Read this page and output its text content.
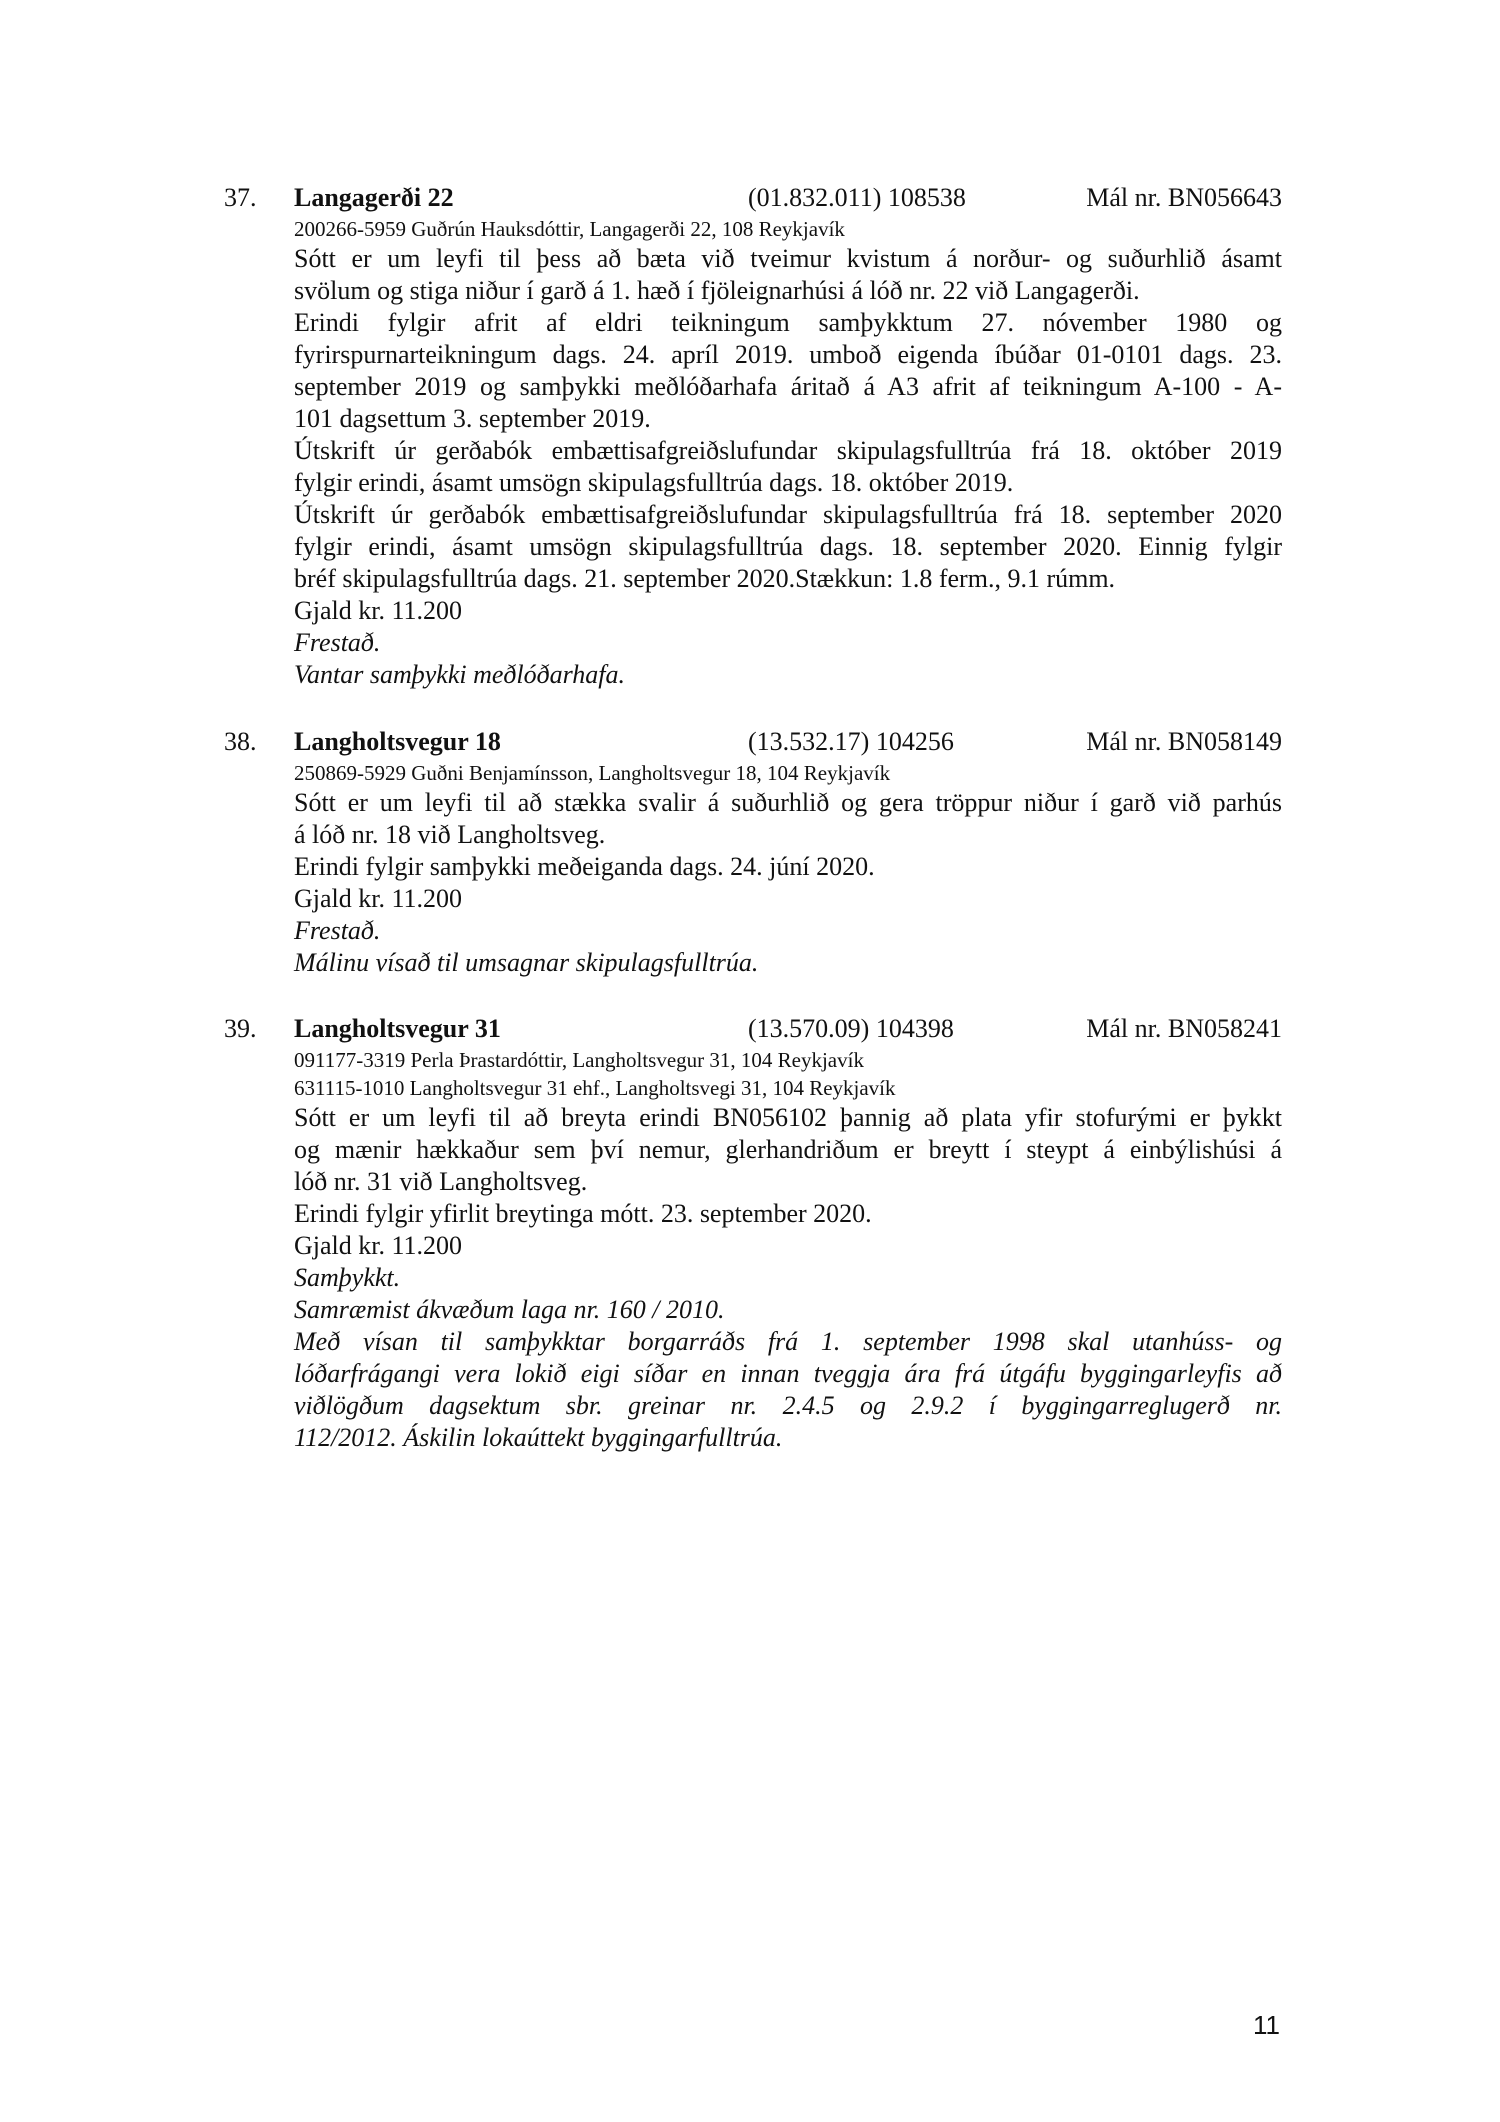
37. Langagerði 22	(01.832.011) 108538	Mál nr. BN056643
200266-5959 Guðrún Hauksdóttir, Langagerði 22, 108 Reykjavík
Sótt er um leyfi til þess að bæta við tveimur kvistum á norður- og suðurhlið ásamt
svölum og stiga niður í garð á 1. hæð í fjöleignarhúsi á lóð nr. 22 við Langagerði.
Erindi fylgir afrit af eldri teikningum samþykktum 27. nóvember 1980 og
fyrirspurnarteikningum dags. 24. apríl 2019. umboð eigenda íbúðar 01-0101 dags. 23.
september 2019 og samþykki meðlóðarhafa áritað á A3 afrit af teikningum A-100 - A-
101 dagsettum 3. september 2019.
Útskrift úr gerðabók embættisafgreiðslufundar skipulagsfulltrúa frá 18. október 2019
fylgir erindi, ásamt umsögn skipulagsfulltrúa dags. 18. október 2019.
Útskrift úr gerðabók embættisafgreiðslufundar skipulagsfulltrúa frá 18. september 2020
fylgir erindi, ásamt umsögn skipulagsfulltrúa dags. 18. september 2020. Einnig fylgir
bréf skipulagsfulltrúa dags. 21. september 2020.Stækkun: 1.8 ferm., 9.1 rúmm.
Gjald kr. 11.200
Frestað.
Vantar samþykki meðlóðarhafa.
38. Langholtsvegur 18	(13.532.17) 104256	Mál nr. BN058149
250869-5929 Guðni Benjamínsson, Langholtsvegur 18, 104 Reykjavík
Sótt er um leyfi til að stækka svalir á suðurhlið og gera tröppur niður í garð við parhús
á lóð nr. 18 við Langholtsveg.
Erindi fylgir samþykki meðeiganda dags. 24. júní 2020.
Gjald kr. 11.200
Frestað.
Málinu vísað til umsagnar skipulagsfulltrúa.
39. Langholtsvegur 31	(13.570.09) 104398	Mál nr. BN058241
091177-3319 Perla Þrastardóttir, Langholtsvegur 31, 104 Reykjavík
631115-1010 Langholtsvegur 31 ehf., Langholtsvegi 31, 104 Reykjavík
Sótt er um leyfi til að breyta erindi BN056102 þannig að plata yfir stofurými er þykkt
og mænir hækkaður sem því nemur, glerhandriðum er breytt í steypt á einbýlishúsi á
lóð nr. 31 við Langholtsveg.
Erindi fylgir yfirlit breytinga mótt. 23. september 2020.
Gjald kr. 11.200
Samþykkt.
Samræmist ákvæðum laga nr. 160 / 2010.
Með vísan til samþykktar borgarráðs frá 1. september 1998 skal utanhúss- og
lóðarfrágangi vera lokið eigi síðar en innan tveggja ára frá útgáfu byggingarleyfis að
viðlögðum dagsektum sbr. greinar nr. 2.4.5 og 2.9.2 í byggingarreglugerð nr.
112/2012. Áskilin lokaúttekt byggingarfulltrúa.
11
